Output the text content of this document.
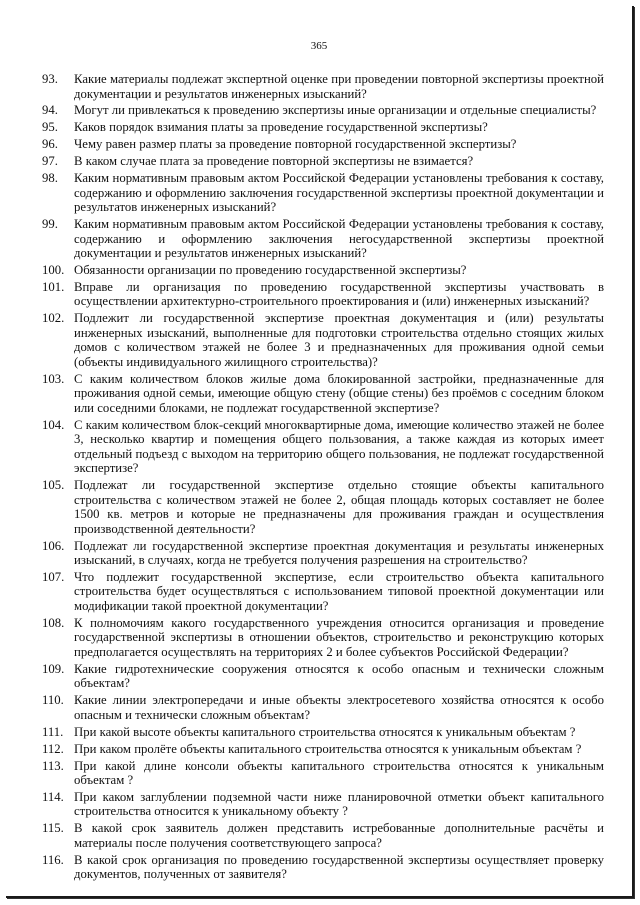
365
93.	Какие материалы подлежат экспертной оценке при проведении повторной экспертизы проектной документации и результатов инженерных изысканий?
94.	Могут ли привлекаться к проведению экспертизы иные организации и отдельные специалисты?
95.	Каков порядок взимания платы за проведение государственной экспертизы?
96.	Чему равен размер платы за проведение повторной государственной экспертизы?
97.	В каком случае плата за проведение повторной экспертизы не взимается?
98.	Каким нормативным правовым актом Российской Федерации установлены требования к составу, содержанию и оформлению заключения государственной экспертизы проектной документации и результатов инженерных изысканий?
99.	Каким нормативным правовым актом Российской Федерации установлены требования к составу, содержанию и оформлению заключения негосударственной экспертизы проектной документации и результатов инженерных изысканий?
100. Обязанности организации по проведению государственной экспертизы?
101. Вправе ли организация по проведению государственной экспертизы участвовать в осуществлении архитектурно-строительного проектирования и (или) инженерных изысканий?
102. Подлежит ли государственной экспертизе проектная документация и (или) результаты инженерных изысканий, выполненные для подготовки строительства отдельно стоящих жилых домов с количеством этажей не более 3 и предназначенных для проживания одной семьи (объекты индивидуального жилищного строительства)?
103. С каким количеством блоков жилые дома блокированной застройки, предназначенные для проживания одной семьи, имеющие общую стену (общие стены) без проёмов с соседним блоком или соседними блоками, не подлежат государственной экспертизе?
104. С каким количеством блок-секций многоквартирные дома, имеющие количество этажей не более 3, несколько квартир и помещения общего пользования, а также каждая из которых имеет отдельный подъезд с выходом на территорию общего пользования, не подлежат государственной экспертизе?
105. Подлежат ли государственной экспертизе отдельно стоящие объекты капитального строительства с количеством этажей не более 2, общая площадь которых составляет не более 1500 кв. метров и которые не предназначены для проживания граждан и осуществления производственной деятельности?
106. Подлежат ли государственной экспертизе проектная документация и результаты инженерных изысканий, в случаях, когда не требуется получения разрешения на строительство?
107. Что подлежит государственной экспертизе, если строительство объекта капитального строительства будет осуществляться с использованием типовой проектной документации или модификации такой проектной документации?
108. К полномочиям какого государственного учреждения относится организация и проведение государственной экспертизы в отношении объектов, строительство и реконструкцию которых предполагается осуществлять на территориях 2 и более субъектов Российской Федерации?
109. Какие гидротехнические сооружения относятся к особо опасным и технически сложным объектам?
110. Какие линии электропередачи и иные объекты электросетевого хозяйства относятся к особо опасным и технически сложным объектам?
111. При какой высоте объекты капитального строительства относятся к уникальным объектам ?
112. При каком пролёте объекты капитального строительства относятся к уникальным объектам ?
113. При какой длине консоли объекты капитального строительства относятся к уникальным объектам ?
114. При каком заглублении подземной части ниже планировочной отметки объект капитального строительства относится к уникальному объекту ?
115. В какой срок заявитель должен представить истребованные дополнительные расчёты и материалы после получения соответствующего запроса?
116. В какой срок организация по проведению государственной экспертизы осуществляет проверку документов, полученных от заявителя?
